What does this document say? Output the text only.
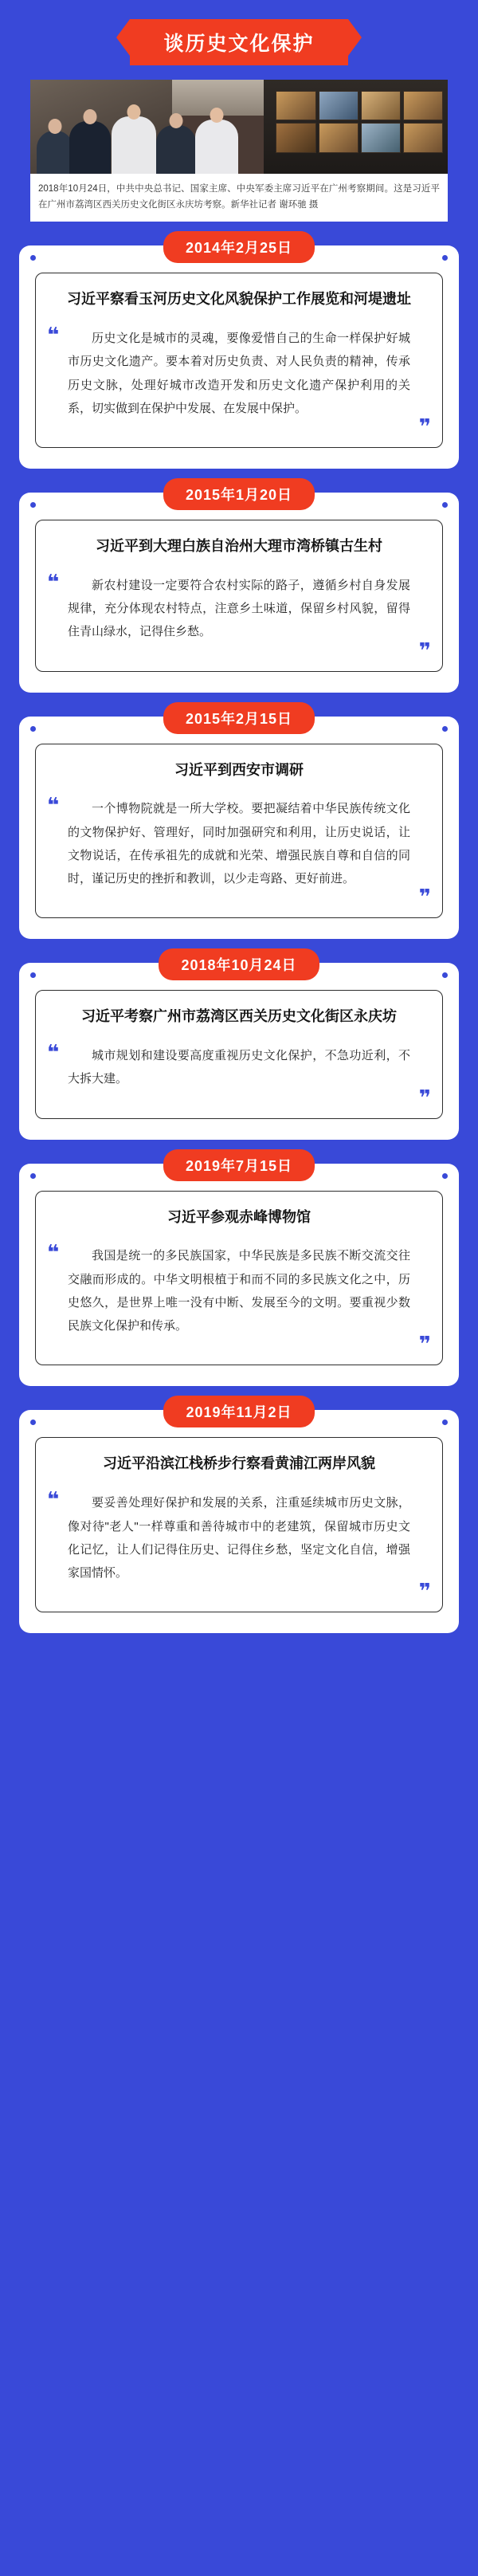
谈历史文化保护
2018年10月24日，中共中央总书记、国家主席、中央军委主席习近平在广州考察期间。这是习近平在广州市荔湾区西关历史文化街区永庆坊考察。新华社记者 谢环驰 摄
2014年2月25日
习近平察看玉河历史文化风貌保护工作展览和河堤遗址
❝	历史文化是城市的灵魂，要像爱惜自己的生命一样保护好城市历史文化遗产。要本着对历史负责、对人民负责的精神，传承历史文脉，处理好城市改造开发和历史文化遗产保护利用的关系，切实做到在保护中发展、在发展中保护。

❞
2015年1月20日
习近平到大理白族自治州大理市湾桥镇古生村
❝	新农村建设一定要符合农村实际的路子，遵循乡村自身发展规律，充分体现农村特点，注意乡土味道，保留乡村风貌，留得住青山绿水，记得住乡愁。

❞
2015年2月15日
习近平到西安市调研
❝	一个博物院就是一所大学校。要把凝结着中华民族传统文化的文物保护好、管理好，同时加强研究和利用，让历史说话，让文物说话，在传承祖先的成就和光荣、增强民族自尊和自信的同时，谨记历史的挫折和教训，以少走弯路、更好前进。

❞
2018年10月24日
习近平考察广州市荔湾区西关历史文化街区永庆坊
❝	城市规划和建设要高度重视历史文化保护，不急功近利，不大拆大建。

❞
2019年7月15日
习近平参观赤峰博物馆
❝	我国是统一的多民族国家，中华民族是多民族不断交流交往交融而形成的。中华文明根植于和而不同的多民族文化之中，历史悠久，是世界上唯一没有中断、发展至今的文明。要重视少数民族文化保护和传承。

❞
2019年11月2日
习近平沿滨江栈桥步行察看黄浦江两岸风貌
❝	要妥善处理好保护和发展的关系，注重延续城市历史文脉，像对待"老人"一样尊重和善待城市中的老建筑，保留城市历史文化记忆，让人们记得住历史、记得住乡愁，坚定文化自信，增强家国情怀。

❞
